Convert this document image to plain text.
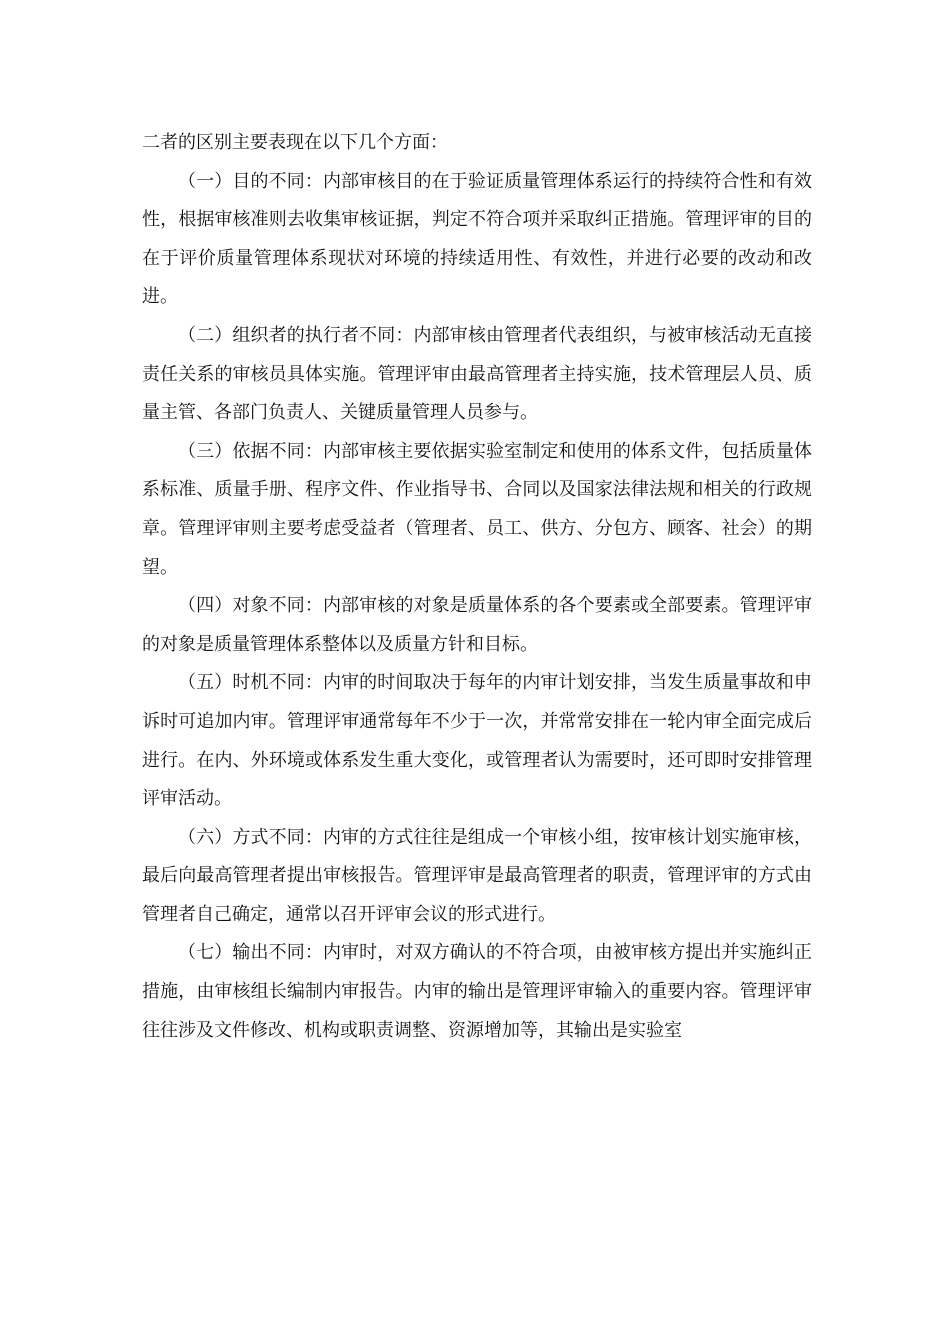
二者的区别主要表现在以下几个方面：

（一）目的不同：内部审核目的在于验证质量管理体系运行的持续符合性和有效性，根据审核准则去收集审核证据，判定不符合项并采取纠正措施。管理评审的目的在于评价质量管理体系现状对环境的持续适用性、有效性，并进行必要的改动和改进。

（二）组织者的执行者不同：内部审核由管理者代表组织，与被审核活动无直接责任关系的审核员具体实施。管理评审由最高管理者主持实施，技术管理层人员、质量主管、各部门负责人、关键质量管理人员参与。

（三）依据不同：内部审核主要依据实验室制定和使用的体系文件，包括质量体系标准、质量手册、程序文件、作业指导书、合同以及国家法律法规和相关的行政规章。管理评审则主要考虑受益者（管理者、员工、供方、分包方、顾客、社会）的期望。

（四）对象不同：内部审核的对象是质量体系的各个要素或全部要素。管理评审的对象是质量管理体系整体以及质量方针和目标。

（五）时机不同：内审的时间取决于每年的内审计划安排，当发生质量事故和申诉时可追加内审。管理评审通常每年不少于一次，并常常安排在一轮内审全面完成后进行。在内、外环境或体系发生重大变化，或管理者认为需要时，还可即时安排管理评审活动。

（六）方式不同：内审的方式往往是组成一个审核小组，按审核计划实施审核，最后向最高管理者提出审核报告。管理评审是最高管理者的职责，管理评审的方式由管理者自己确定，通常以召开评审会议的形式进行。

（七）输出不同：内审时，对双方确认的不符合项，由被审核方提出并实施纠正措施，由审核组长编制内审报告。内审的输出是管理评审输入的重要内容。管理评审往往涉及文件修改、机构或职责调整、资源增加等，其输出是实验室
